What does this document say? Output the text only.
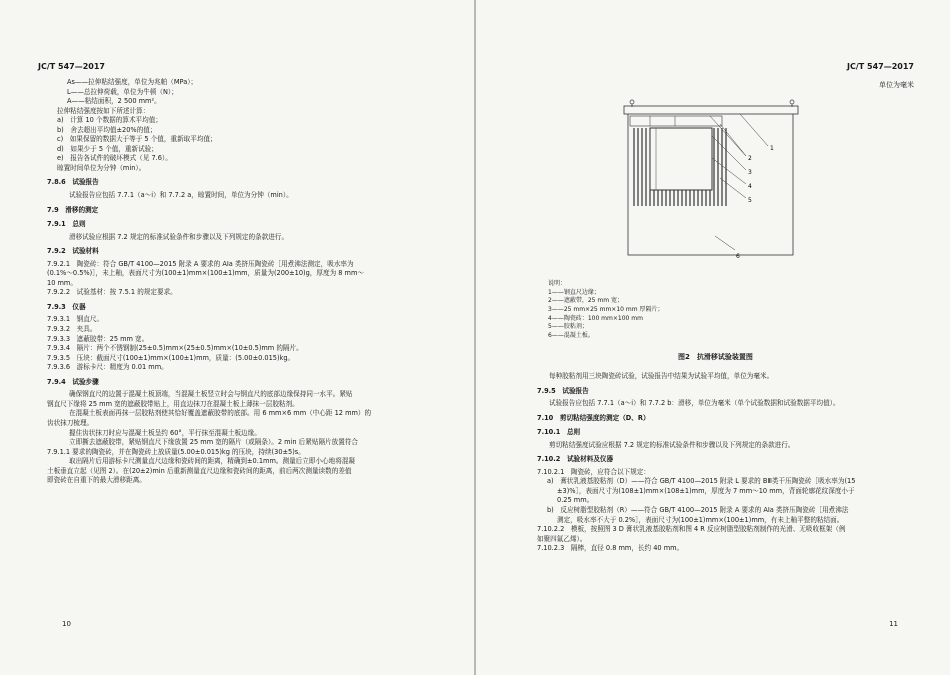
JC/T 547—2017
As——拉伸粘结强度，单位为兆帕（MPa）；
L——总拉伸荷载，单位为牛顿（N）；
A——粘结面积，2 500 mm²。
拉伸粘结强度按如下所述计算：
a)　计算 10 个数据的算术平均值；
b)　舍去超出平均值±20%的值；
c)　如果保留的数据大于等于 5 个值，重新取平均值；
d)　如果少于 5 个值，重新试验；
e)　报告各试件的破坏模式（见 7.6）。
晾置时间单位为分钟（min）。
7.8.6　试验报告
试验报告应包括 7.7.1（a～i）和 7.7.2 a，晾置时间，单位为分钟（min）。
7.9　滑移的测定
7.9.1　总则
滑移试验应根据 7.2 规定的标准试验条件和步骤以及下列规定的条款进行。
7.9.2　试验材料
7.9.2.1　陶瓷砖：符合 GB/T 4100—2015 附录 A 要求的 AⅠa 类挤压陶瓷砖［用煮沸法测定，吸水率为
(0.1%～0.5%)］，未上釉，表面尺寸为(100±1)mm×(100±1)mm，质量为(200±10)g，厚度为 8 mm～
10 mm。
7.9.2.2　试验基材：按 7.5.1 的规定要求。
7.9.3　仪器
7.9.3.1　钢直尺。
7.9.3.2　夹具。
7.9.3.3　遮蔽胶带：25 mm 宽。
7.9.3.4　隔片：两个不锈钢制(25±0.5)mm×(25±0.5)mm×(10±0.5)mm 的隔片。
7.9.3.5　压块：截面尺寸(100±1)mm×(100±1)mm，质量：(5.00±0.015)kg。
7.9.3.6　游标卡尺：精度为 0.01 mm。
7.9.4　试验步骤
确保钢直尺的边置于混凝土板顶端，当混凝土板竖立时会与钢直尺的底部边缘保持同一水平。紧贴
钢直尺下缘将 25 mm 宽的遮蔽胶带贴上，用直边抹刀在混凝土板上薄抹一层胶粘剂。
在混凝土板表面再抹一层胶粘剂使其恰好覆盖遮蔽胶带的底部。用 6 mm×6 mm（中心距 12 mm）的
齿状抹刀梳理。
握住齿状抹刀时应与混凝土板呈约 60°，平行抹至混凝土板边缘。
立即撕去遮蔽胶带，紧贴钢直尺下缘放置 25 mm 宽的隔片（或隔条）。2 min 后紧贴隔片放置符合
7.9.1.1 要求的陶瓷砖，并在陶瓷砖上放质量(5.00±0.015)kg 的压块，持续(30±5)s。
取出隔片后用游标卡尺测量直尺边缘和瓷砖间的距离，精确到±0.1mm。测量后立即小心地将混凝
土板垂直立起（见图 2）。在(20±2)min 后重新测量直尺边缘和瓷砖间的距离，前后两次测量读数的差值
即瓷砖在自重下的最大滑移距离。
10
JC/T 547—2017
单位为毫米
1
2
3
4
5
6
说明：
1——钢直尺边缘；
2——遮蔽带，25 mm 宽；
3——25 mm×25 mm×10 mm 厚隔片；
4——陶瓷砖：100 mm×100 mm
5——胶粘剂；
6——混凝土板。
图2　抗滑移试验装置图
每种胶粘剂用三块陶瓷砖试验，试验报告中结果为试验平均值，单位为毫米。
7.9.5　试验报告
试验报告应包括 7.7.1（a～i）和 7.7.2 b：滑移，单位为毫米（单个试验数据和试验数据平均值）。
7.10　剪切粘结强度的测定（D、R）
7.10.1　总则
剪切粘结强度试验应根据 7.2 规定的标准试验条件和步骤以及下列规定的条款进行。
7.10.2　试验材料及仪器
7.10.2.1　陶瓷砖，应符合以下规定：
a)　膏状乳液基胶粘剂（D）——符合 GB/T 4100—2015 附录 L 要求的 BⅢ类干压陶瓷砖［吸水率为(15
±3)%］，表面尺寸为(108±1)mm×(108±1)mm，厚度为 7 mm～10 mm，背面轮廓花纹深度小于
0.25 mm。
b)　反应树脂型胶粘剂（R）——符合 GB/T 4100—2015 附录 A 要求的 AⅠa 类挤压陶瓷砖［用煮沸法
测定，吸水率不大于 0.2%］，表面尺寸为(100±1)mm×(100±1)mm，有未上釉平整的粘结面。
7.10.2.2　模板，按照图 3 D 膏状乳液基胶粘剂和图 4 R 反应树脂型胶粘剂制作的光滑、无吸收框架（例
如聚四氟乙烯）。
7.10.2.3　隔棒，直径 0.8 mm，长约 40 mm。
11
